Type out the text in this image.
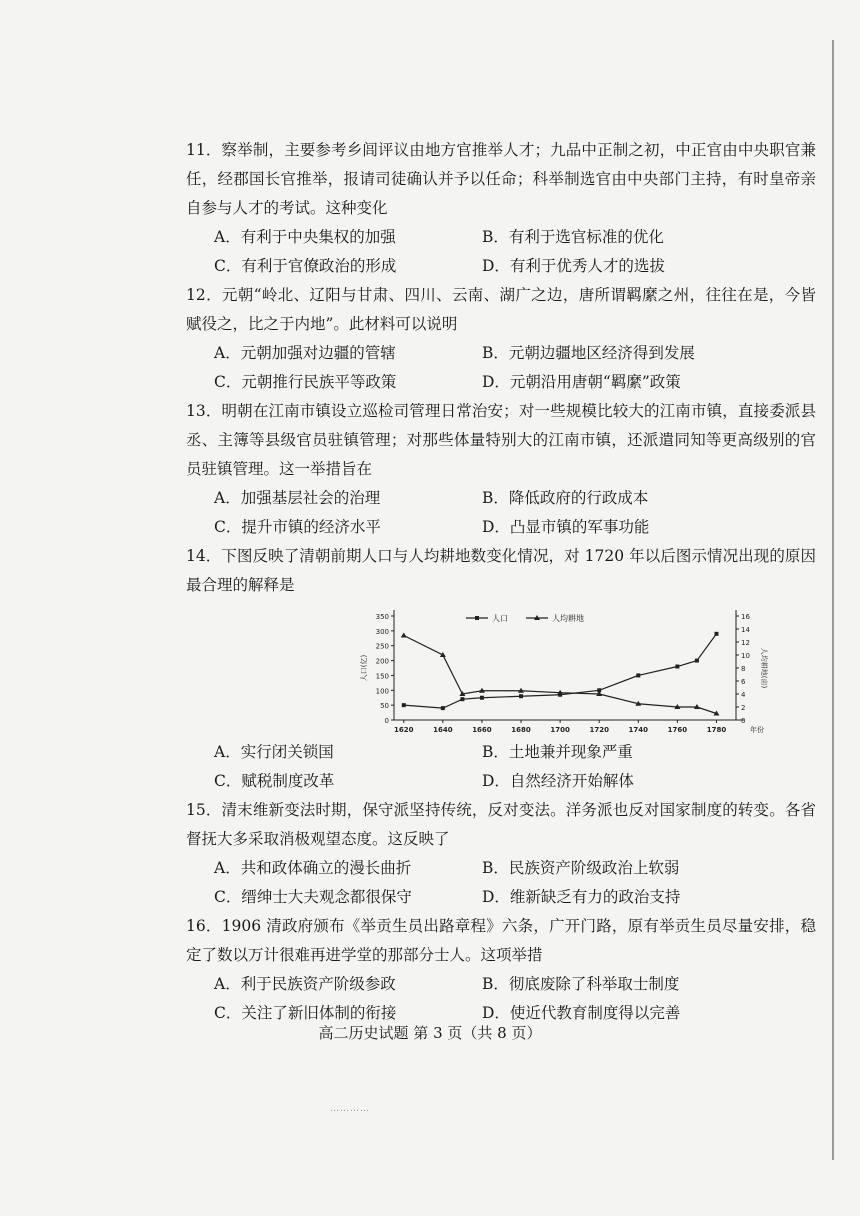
11．察举制，主要参考乡闾评议由地方官推举人才；九品中正制之初，中正官由中央职官兼任，经郡国长官推举，报请司徒确认并予以任命；科举制选官由中央部门主持，有时皇帝亲自参与人才的考试。这种变化
A．有利于中央集权的加强	B．有利于选官标准的优化
C．有利于官僚政治的形成	D．有利于优秀人才的选拔
12．元朝“岭北、辽阳与甘肃、四川、云南、湖广之边，唐所谓羁縻之州，往往在是，今皆赋役之，比之于内地”。此材料可以说明
A．元朝加强对边疆的管辖	B．元朝边疆地区经济得到发展
C．元朝推行民族平等政策	D．元朝沿用唐朝“羁縻”政策
13．明朝在江南市镇设立巡检司管理日常治安；对一些规模比较大的江南市镇，直接委派县丞、主簿等县级官员驻镇管理；对那些体量特别大的江南市镇，还派遣同知等更高级别的官员驻镇管理。这一举措旨在
A．加强基层社会的治理	B．降低政府的行政成本
C．提升市镇的经济水平	D．凸显市镇的军事功能
14．下图反映了清朝前期人口与人均耕地数变化情况，对 1720 年以后图示情况出现的原因最合理的解释是
0
50
100
150
200
250
300
350
0
2
4
6
8
10
12
14
16
1620	1640	1660	1680	1700	1720	1740	1760	1780	年份
人口(亿)	人均耕地(亩)
人口	人均耕地
A．实行闭关锁国	B．土地兼并现象严重
C．赋税制度改革	D．自然经济开始解体
15．清末维新变法时期，保守派坚持传统，反对变法。洋务派也反对国家制度的转变。各省督抚大多采取消极观望态度。这反映了
A．共和政体确立的漫长曲折	B．民族资产阶级政治上软弱
C．缙绅士大夫观念都很保守	D．维新缺乏有力的政治支持
16．1906 清政府颁布《举贡生员出路章程》六条，广开门路，原有举贡生员尽量安排，稳定了数以万计很难再进学堂的那部分士人。这项举措
A．利于民族资产阶级参政	B．彻底废除了科举取士制度
C．关注了新旧体制的衔接	D．使近代教育制度得以完善
高二历史试题 第 3 页（共 8 页）
…………
